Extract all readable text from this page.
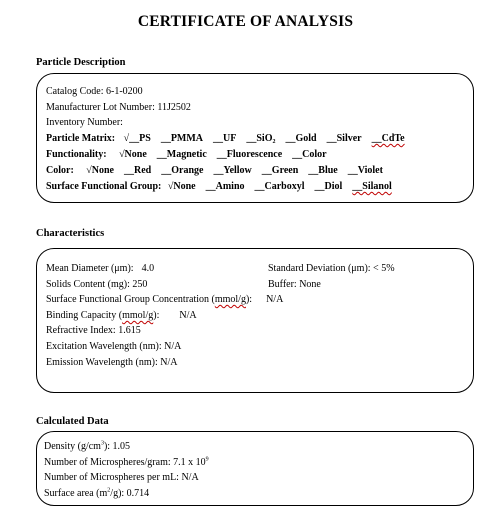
CERTIFICATE OF ANALYSIS
Particle Description
Catalog Code: 6-1-0200
Manufacturer Lot Number: 11J2502
Inventory Number:
Particle Matrix: √__PS __PMMA __UF __SiO₂ __Gold __Silver __CdTe
Functionality: √None __Magnetic __Fluorescence __Color
Color: √None __Red __Orange __Yellow __Green __Blue __Violet
Surface Functional Group: √None __Amino __Carboxyl __Diol __Silanol
Characteristics
Mean Diameter (μm): 4.0	Standard Deviation (μm): < 5%
Solids Content (mg): 250	Buffer: None
Surface Functional Group Concentration (mmol/g): N/A
Binding Capacity (mmol/g): N/A
Refractive Index: 1.615
Excitation Wavelength (nm): N/A
Emission Wavelength (nm): N/A
Calculated Data
Density $(g/cm^3)$: 1.05
Number of Microspheres/gram: 7.1 x $10^9$
Number of Microspheres per mL: N/A
Surface area $(m^2/g)$: 0.714
